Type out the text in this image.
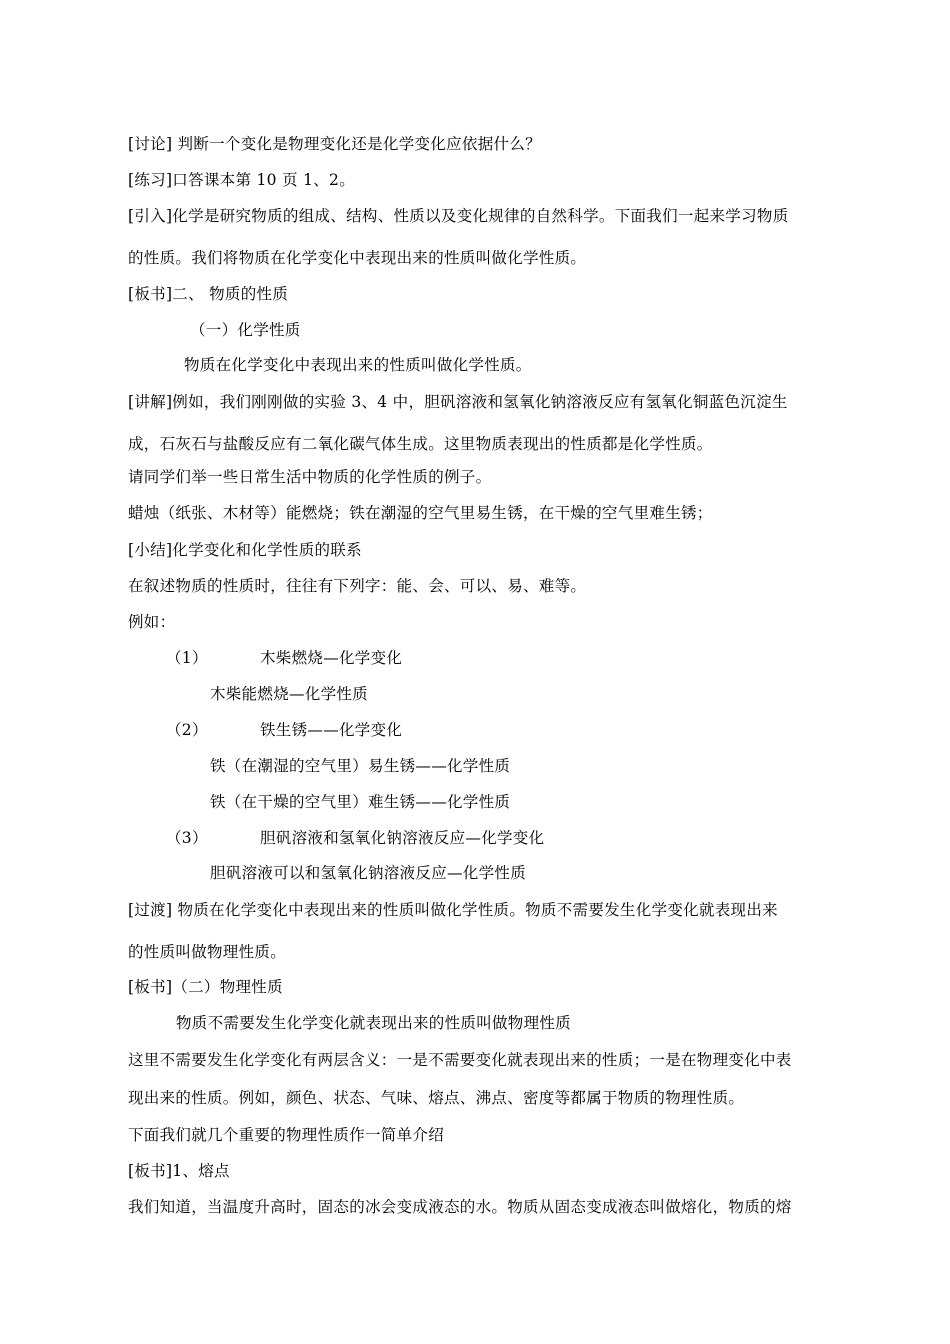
[讨论] 判断一个变化是物理变化还是化学变化应依据什么？
[练习]口答课本第 10 页 1、2。
[引入]化学是研究物质的组成、结构、性质以及变化规律的自然科学。下面我们一起来学习物质
的性质。我们将物质在化学变化中表现出来的性质叫做化学性质。
[板书]二、 物质的性质
（一）化学性质
物质在化学变化中表现出来的性质叫做化学性质。
[讲解]例如，我们刚刚做的实验 3、4 中，胆矾溶液和氢氧化钠溶液反应有氢氧化铜蓝色沉淀生
成，石灰石与盐酸反应有二氧化碳气体生成。这里物质表现出的性质都是化学性质。
请同学们举一些日常生活中物质的化学性质的例子。
蜡烛（纸张、木材等）能燃烧；铁在潮湿的空气里易生锈，在干燥的空气里难生锈；
[小结]化学变化和化学性质的联系
在叙述物质的性质时，往往有下列字：能、会、可以、易、难等。
例如：
（1）	木柴燃烧—化学变化
木柴能燃烧—化学性质
（2）	铁生锈——化学变化
铁（在潮湿的空气里）易生锈——化学性质
铁（在干燥的空气里）难生锈——化学性质
（3）	胆矾溶液和氢氧化钠溶液反应—化学变化
胆矾溶液可以和氢氧化钠溶液反应—化学性质
[过渡] 物质在化学变化中表现出来的性质叫做化学性质。物质不需要发生化学变化就表现出来
的性质叫做物理性质。
[板书]（二）物理性质
物质不需要发生化学变化就表现出来的性质叫做物理性质
这里不需要发生化学变化有两层含义：一是不需要变化就表现出来的性质；一是在物理变化中表
现出来的性质。例如，颜色、状态、气味、熔点、沸点、密度等都属于物质的物理性质。
下面我们就几个重要的物理性质作一简单介绍
[板书]1、熔点
我们知道，当温度升高时，固态的冰会变成液态的水。物质从固态变成液态叫做熔化，物质的熔
